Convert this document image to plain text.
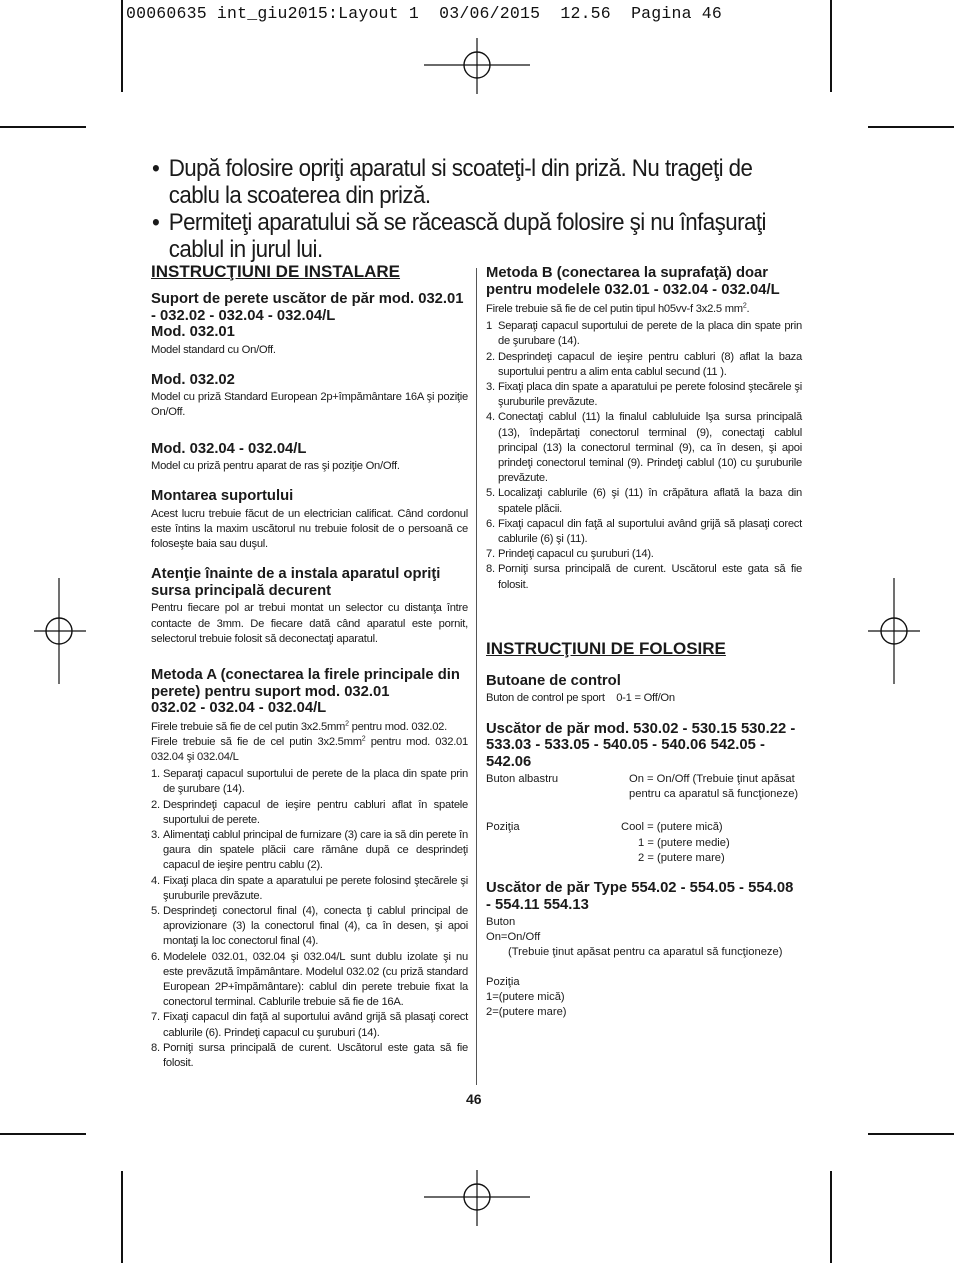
00060635 int_giu2015:Layout 1  03/06/2015  12.56  Pagina 46
• După folosire opriţi aparatul si scoateţi-l din priză. Nu trageţi de cablu la scoaterea din priză.
• Permiteţi aparatului să se răcească după folosire şi nu înfaşuraţi cablul in jurul lui.
INSTRUCŢIUNI DE INSTALARE
Suport de perete uscător de păr mod. 032.01 - 032.02 - 032.04 - 032.04/L
Mod. 032.01

Model standard cu On/Off.

Mod. 032.02

Model cu priză Standard European 2p+împământare 16A şi poziţie On/Off.

Mod. 032.04 - 032.04/L

Model cu priză pentru aparat de ras şi poziţie On/Off.

Montarea suportului

Acest lucru trebuie făcut de un electrician calificat. Când cordonul este întins la maxim uscătorul nu trebuie folosit de o persoană ce foloseşte baia sau duşul.

Atenţie înainte de a instala aparatul opriţi sursa principală decurent

Pentru fiecare pol ar trebui montat un selector cu distanţa între contacte de 3mm. De fiecare dată când aparatul este pornit, selectorul trebuie folosit să deconectaţi aparatul.

Metoda A (conectarea la firele principale din perete) pentru suport mod. 032.01
032.02 - 032.04 - 032.04/L

Firele trebuie să fie de cel putin $3x2.5mm^2$ pentru mod. 032.02.

Firele trebuie să fie de cel putin $3x2.5mm^2$ pentru mod. 032.01 032.04 şi 032.04/L

1. Separaţi capacul suportului de perete de la placa din spate prin de şurubare (14).
2. Desprindeţi capacul de ieşire pentru cabluri aflat în spatele suportului de perete.
3. Alimentaţi cablul principal de furnizare (3) care ia să din perete în gaura din spatele plăcii care rămâne după ce desprindeţi capacul de ieşire pentru cablu (2).
4. Fixaţi placa din spate a aparatului pe perete folosind ştecărele şi şuruburile prevăzute.
5. Desprindeţi conectorul final (4), conecta ţi cablul principal de aprovizionare (3) la conectorul final (4), ca în desen, şi apoi montaţi la loc conectorul final (4).
6. Modelele 032.01, 032.04 şi 032.04/L sunt dublu izolate şi nu este prevăzută împământare. Modelul 032.02 (cu priză standard European 2P+împământare): cablul din perete trebuie fixat la conectorul terminal. Cablurile trebuie să fie de 16A.
7. Fixaţi capacul din faţă al suportului având grijă să plasaţi corect cablurile (6). Prindeţi capacul cu şuruburi (14).
8. Porniţi sursa principală de curent. Uscătorul este gata să fie folosit.
Metoda B (conectarea la suprafaţă) doar pentru modelele 032.01 - 032.04 - 032.04/L

Firele trebuie să fie de cel putin tipul h05vv-f 3x2.5 $mm^2$.

1 Separaţi capacul suportului de perete de la placa din spate prin de şurubare (14).
2. Desprindeţi capacul de ieşire pentru cabluri (8) aflat la baza suportului pentru a alim enta cablul secund (11 ).
3. Fixaţi placa din spate a aparatului pe perete folosind ştecărele şi şuruburile prevăzute.
4. Conectaţi cablul (11) la finalul cabluluide lşa sursa principală (13), îndepărtaţi conectorul terminal (9), conectaţi cablul principal (13) la conectorul terminal (9), ca în desen, şi apoi prindeţi conectorul teminal (9). Prindeţi cablul (10) cu şuruburile prevăzute.
5. Localizaţi cablurile (6) şi (11) în crăpătura aflată la baza din spatele plăcii.
6. Fixaţi capacul din faţă al suportului având grijă să plasaţi corect cablurile (6) şi (11).
7. Prindeţi capacul cu şuruburi (14).
8. Porniţi sursa principală de curent. Uscătorul este gata să fie folosit.
INSTRUCŢIUNI DE FOLOSIRE
Butoane de control

Buton de control pe sport    0-1 = Off/On

Uscător de păr mod. 530.02 - 530.15 530.22 - 533.03 - 533.05 - 540.05 - 540.06 542.05 - 542.06
Buton albastru	On = On/Off (Trebuie ţinut apăsat pentru ca aparatul să funcţioneze)
Poziţia	Cool = (putere mică)
1 = (putere medie)
2 = (putere mare)
Uscător de păr Type 554.02 - 554.05 - 554.08 - 554.11 554.13
Buton
On=On/Off
(Trebuie ţinut apăsat pentru ca aparatul să funcţioneze)
Poziţia
1=(putere mică)
2=(putere mare)
46
